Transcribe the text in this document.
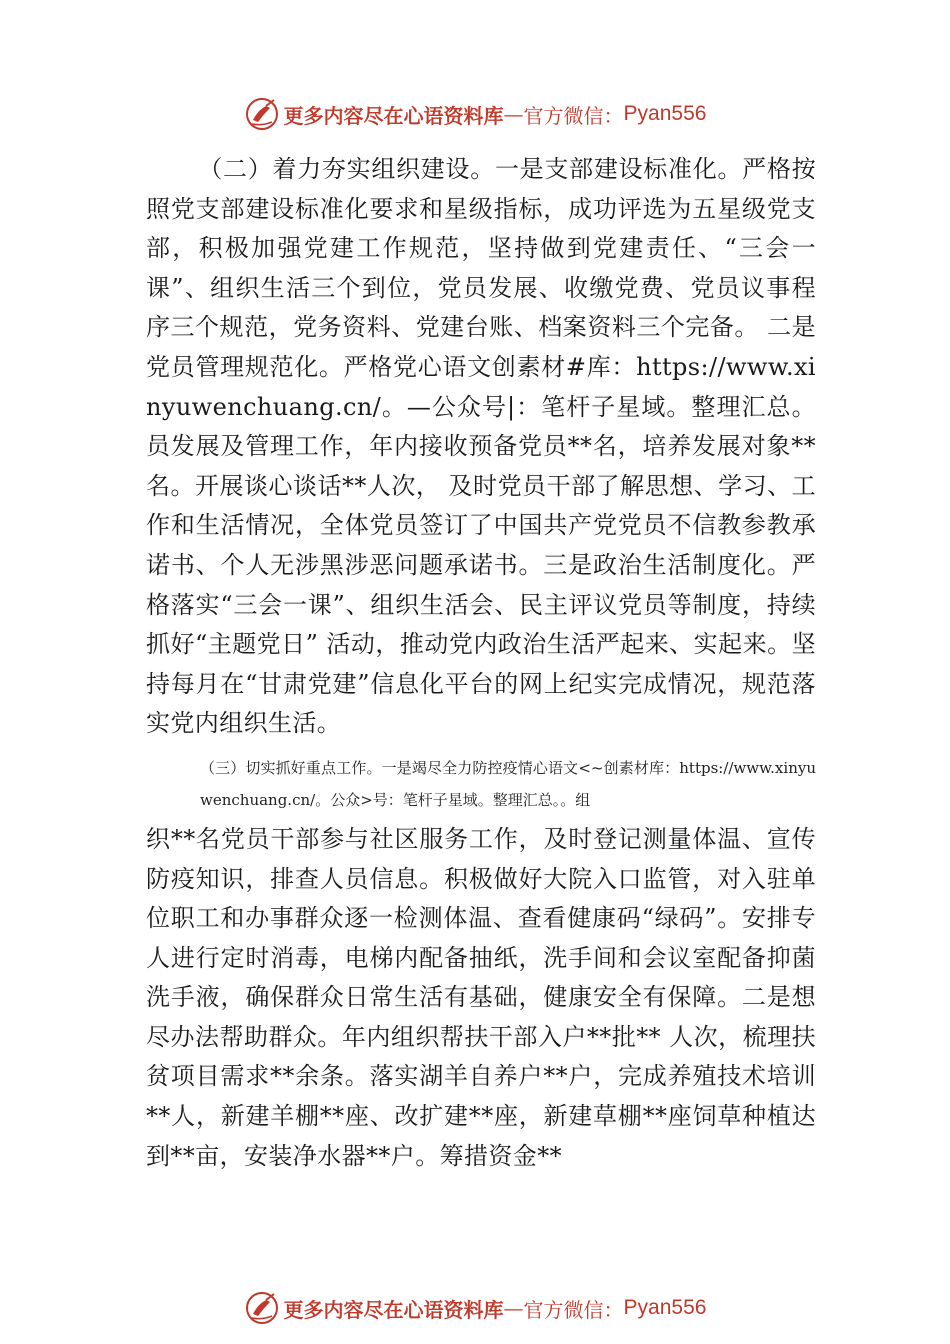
更多内容尽在心语资料库 — 官方微信： Pyan556

（二）着力夯实组织建设。一是支部建设标准化。严格按照党支部建设标准化要求和星级指标，成功评选为五星级党支部，积极加强党建工作规范，坚持做到党建责任、“三会一课”、组织生活三个到位，党员发展、收缴党费、党员议事程序三个规范，党务资料、党建台账、档案资料三个完备。 二是党员管理规范化。严格党心语文创素材#库：https://www.xinyuwenchuang.cn/。—公众号|：笔杆子星域。整理汇总。员发展及管理工作，年内接收预备党员**名，培养发展对象**名。开展谈心谈话**人次， 及时党员干部了解思想、学习、工作和生活情况，全体党员签订了中国共产党党员不信教参教承诺书、个人无涉黑涉恶问题承诺书。三是政治生活制度化。严格落实“三会一课”、组织生活会、民主评议党员等制度，持续抓好“主题党日” 活动，推动党内政治生活严起来、实起来。坚持每月在“甘肃党建”信息化平台的网上纪实完成情况，规范落实党内组织生活。

（三）切实抓好重点工作。一是竭尽全力防控疫情心语文<~创素材库：https://www.xinyuwenchuang.cn/。公众>号：笔杆子星域。整理汇总。。组

织**名党员干部参与社区服务工作，及时登记测量体温、宣传防疫知识，排查人员信息。积极做好大院入口监管，对入驻单位职工和办事群众逐一检测体温、查看健康码“绿码”。安排专人进行定时消毒，电梯内配备抽纸，洗手间和会议室配备抑菌洗手液，确保群众日常生活有基础，健康安全有保障。二是想尽办法帮助群众。年内组织帮扶干部入户**批** 人次，梳理扶贫项目需求**余条。落实湖羊自养户**户，完成养殖技术培训**人，新建羊棚**座、改扩建**座，新建草棚**座饲草种植达到**亩，安装净水器**户。筹措资金**

更多内容尽在心语资料库 — 官方微信： Pyan556
